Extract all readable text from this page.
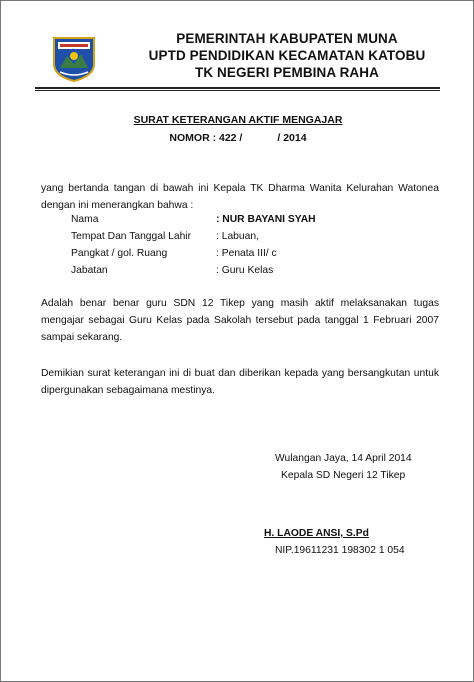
PEMERINTAH KABUPATEN MUNA
UPTD PENDIDIKAN KECAMATAN KATOBU
TK NEGERI PEMBINA RAHA
SURAT KETERANGAN AKTIF MENGAJAR
NOMOR : 422 /            / 2014
yang bertanda tangan di bawah ini Kepala TK Dharma Wanita Kelurahan Watonea dengan ini menerangkan bahwa :
Nama	: NUR BAYANI SYAH
Tempat Dan Tanggal Lahir : Labuan,
Pangkat / gol. Ruang	: Penata III/ c
Jabatan	: Guru Kelas
Adalah benar benar guru SDN 12 Tikep yang masih aktif melaksanakan tugas mengajar sebagai Guru Kelas pada Sakolah tersebut pada tanggal 1 Februari 2007 sampai sekarang.
Demikian surat keterangan ini di buat dan diberikan kepada yang bersangkutan untuk dipergunakan sebagaimana mestinya.
Wulangan Jaya, 14 April 2014
Kepala SD Negeri 12 Tikep
H. LAODE ANSI, S.Pd
NIP.19611231 198302 1 054
